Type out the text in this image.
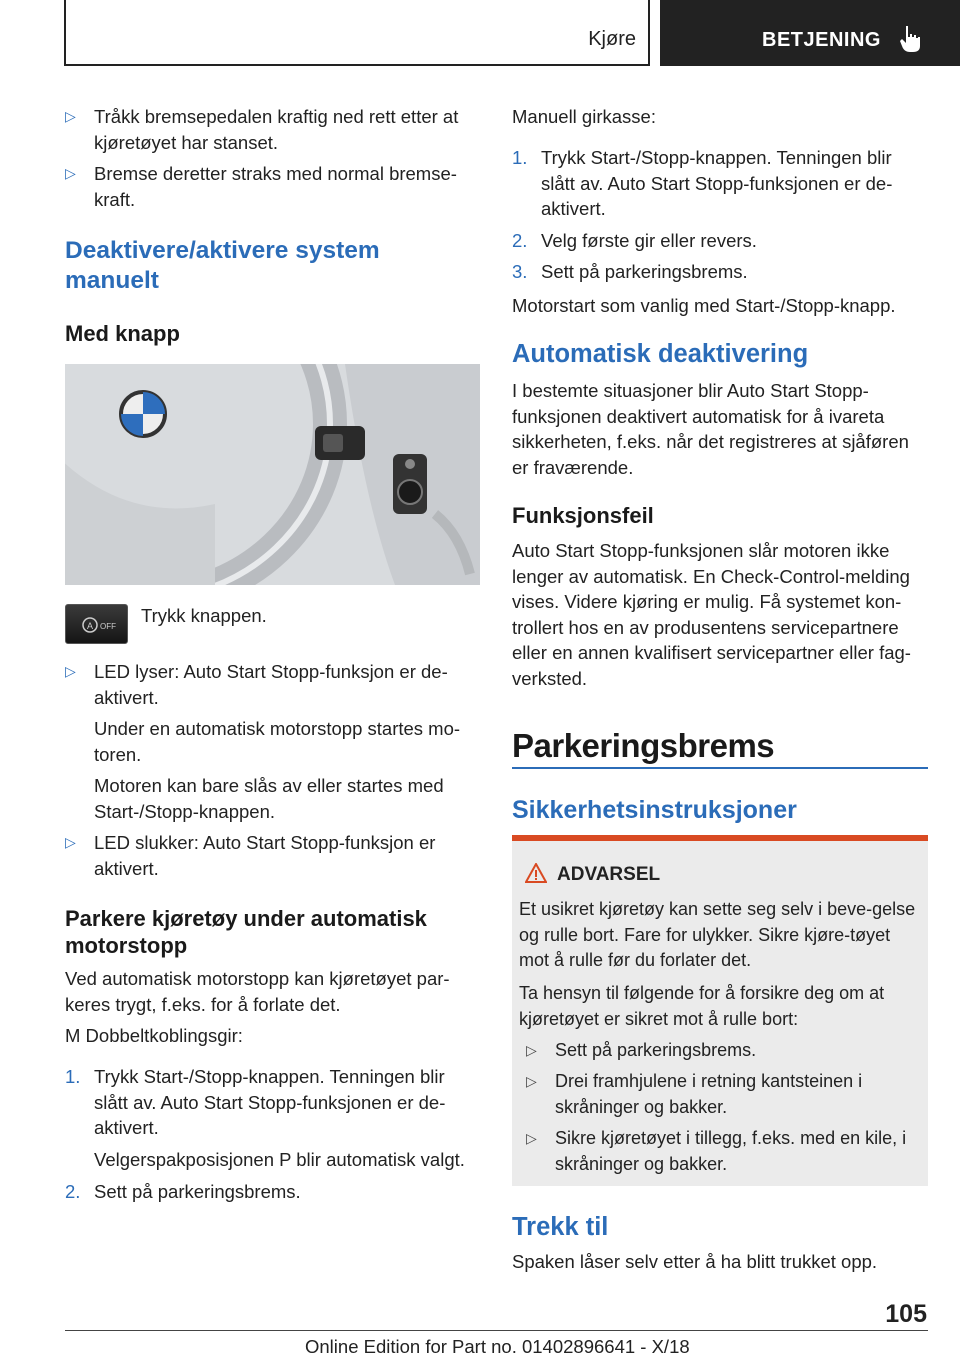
Kjøre	BETJENING
▷ Tråkk bremsepedalen kraftig ned rett etter at kjøretøyet har stanset.
▷ Bremse deretter straks med normal bremse-kraft.
Deaktivere/aktivere system manuelt
Med knapp
A OFF

Trykk knappen.

▷ LED lyser: Auto Start Stopp-funksjon er de-aktivert.

Under en automatisk motorstopp startes mo-toren.

Motoren kan bare slås av eller startes med Start-/Stopp-knappen.

▷ LED slukker: Auto Start Stopp-funksjon er aktivert.
Parkere kjøretøy under automatisk motorstopp

Ved automatisk motorstopp kan kjøretøyet par-keres trygt, f.eks. for å forlate det.

M Dobbeltkoblingsgir:

1. Trykk Start-/Stopp-knappen. Tenningen blir slått av. Auto Start Stopp-funksjonen er de-aktivert.

Velgerspakposisjonen P blir automatisk valgt.

2. Sett på parkeringsbrems.

Manuell girkasse:

1. Trykk Start-/Stopp-knappen. Tenningen blir slått av. Auto Start Stopp-funksjonen er de-aktivert.
2. Velg første gir eller revers.
3. Sett på parkeringsbrems.

Motorstart som vanlig med Start-/Stopp-knapp.

Automatisk deaktivering

I bestemte situasjoner blir Auto Start Stopp-funksjonen deaktivert automatisk for å ivareta sikkerheten, f.eks. når det registreres at sjåføren er fraværende.

Funksjonsfeil

Auto Start Stopp-funksjonen slår motoren ikke lenger av automatisk. En Check-Control-melding vises. Videre kjøring er mulig. Få systemet kon-trollert hos en av produsentens servicepartnere eller en annen kvalifisert servicepartner eller fag-verksted.

Parkeringsbrems
Sikkerhetsinstruksjoner
ADVARSEL

Et usikret kjøretøy kan sette seg selv i beve-gelse og rulle bort. Fare for ulykker. Sikre kjøre-tøyet mot å rulle før du forlater det.

Ta hensyn til følgende for å forsikre deg om at kjøretøyet er sikret mot å rulle bort:

▷ Sett på parkeringsbrems.
▷ Drei framhjulene i retning kantsteinen i skråninger og bakker.
▷ Sikre kjøretøyet i tillegg, f.eks. med en kile, i skråninger og bakker.
Trekk til

Spaken låser selv etter å ha blitt trukket opp.

105
Online Edition for Part no. 01402896641 - X/18
